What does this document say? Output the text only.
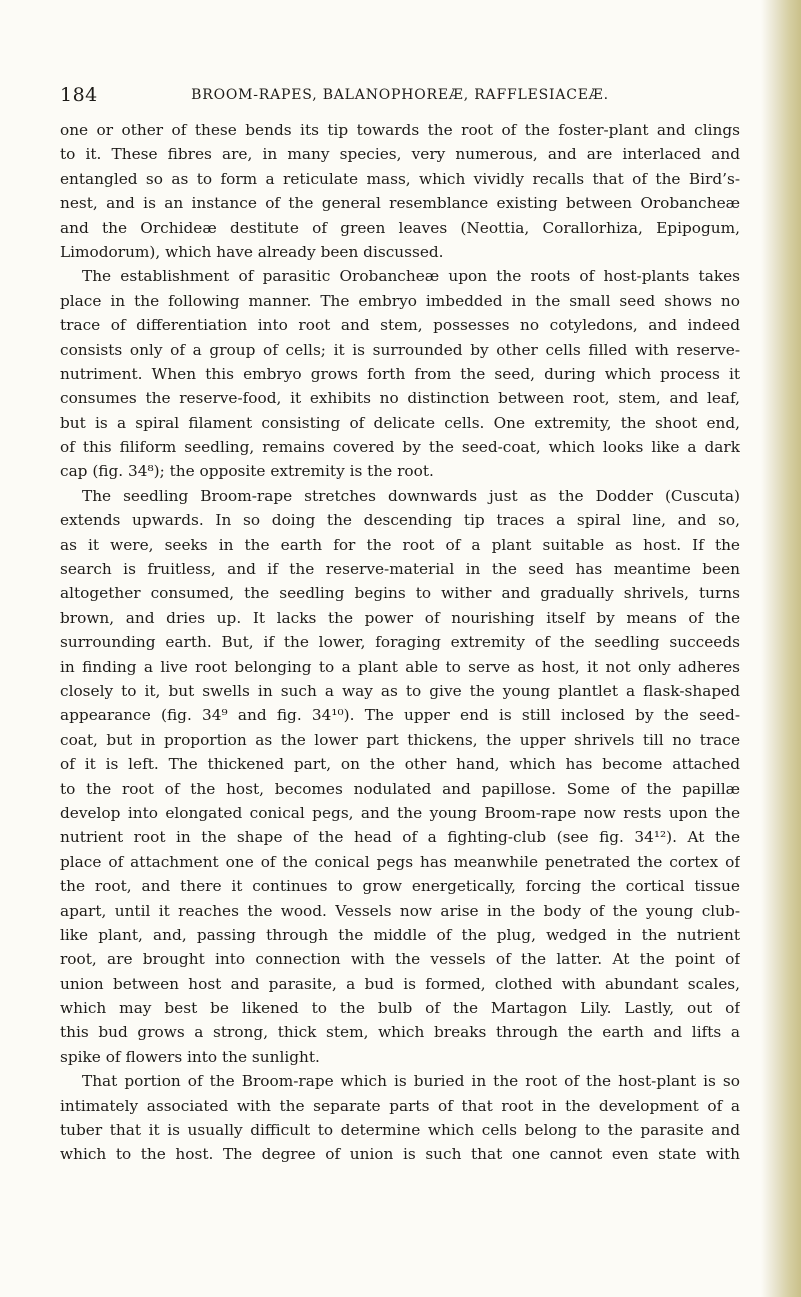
184	BROOM-RAPES, BALANOPHOREÆ, RAFFLESIACEÆ.
one or other of these bends its tip towards the root of the foster-plant and clings
to it. These fibres are, in many species, very numerous, and are interlaced and
entangled so as to form a reticulate mass, which vividly recalls that of the Bird’s-
nest, and is an instance of the general resemblance existing between Orobancheæ
and the Orchideæ destitute of green leaves (Neottia, Corallorhiza, Epipogum,
Limodorum), which have already been discussed.
The establishment of parasitic Orobancheæ upon the roots of host-plants takes
place in the following manner. The embryo imbedded in the small seed shows no
trace of differentiation into root and stem, possesses no cotyledons, and indeed
consists only of a group of cells; it is surrounded by other cells filled with reserve-
nutriment. When this embryo grows forth from the seed, during which process it
consumes the reserve-food, it exhibits no distinction between root, stem, and leaf,
but is a spiral filament consisting of delicate cells. One extremity, the shoot end,
of this filiform seedling, remains covered by the seed-coat, which looks like a dark
cap (fig. 34⁸); the opposite extremity is the root.
The seedling Broom-rape stretches downwards just as the Dodder (Cuscuta)
extends upwards. In so doing the descending tip traces a spiral line, and so,
as it were, seeks in the earth for the root of a plant suitable as host. If the
search is fruitless, and if the reserve-material in the seed has meantime been
altogether consumed, the seedling begins to wither and gradually shrivels, turns
brown, and dries up. It lacks the power of nourishing itself by means of the
surrounding earth. But, if the lower, foraging extremity of the seedling succeeds
in finding a live root belonging to a plant able to serve as host, it not only adheres
closely to it, but swells in such a way as to give the young plantlet a flask-shaped
appearance (fig. 34⁹ and fig. 34¹⁰). The upper end is still inclosed by the seed-
coat, but in proportion as the lower part thickens, the upper shrivels till no trace
of it is left. The thickened part, on the other hand, which has become attached
to the root of the host, becomes nodulated and papillose. Some of the papillæ
develop into elongated conical pegs, and the young Broom-rape now rests upon the
nutrient root in the shape of the head of a fighting-club (see fig. 34¹²). At the
place of attachment one of the conical pegs has meanwhile penetrated the cortex of
the root, and there it continues to grow energetically, forcing the cortical tissue
apart, until it reaches the wood. Vessels now arise in the body of the young club-
like plant, and, passing through the middle of the plug, wedged in the nutrient
root, are brought into connection with the vessels of the latter. At the point of
union between host and parasite, a bud is formed, clothed with abundant scales,
which may best be likened to the bulb of the Martagon Lily. Lastly, out of
this bud grows a strong, thick stem, which breaks through the earth and lifts a
spike of flowers into the sunlight.
That portion of the Broom-rape which is buried in the root of the host-plant is so
intimately associated with the separate parts of that root in the development of a
tuber that it is usually difficult to determine which cells belong to the parasite and
which to the host. The degree of union is such that one cannot even state with
